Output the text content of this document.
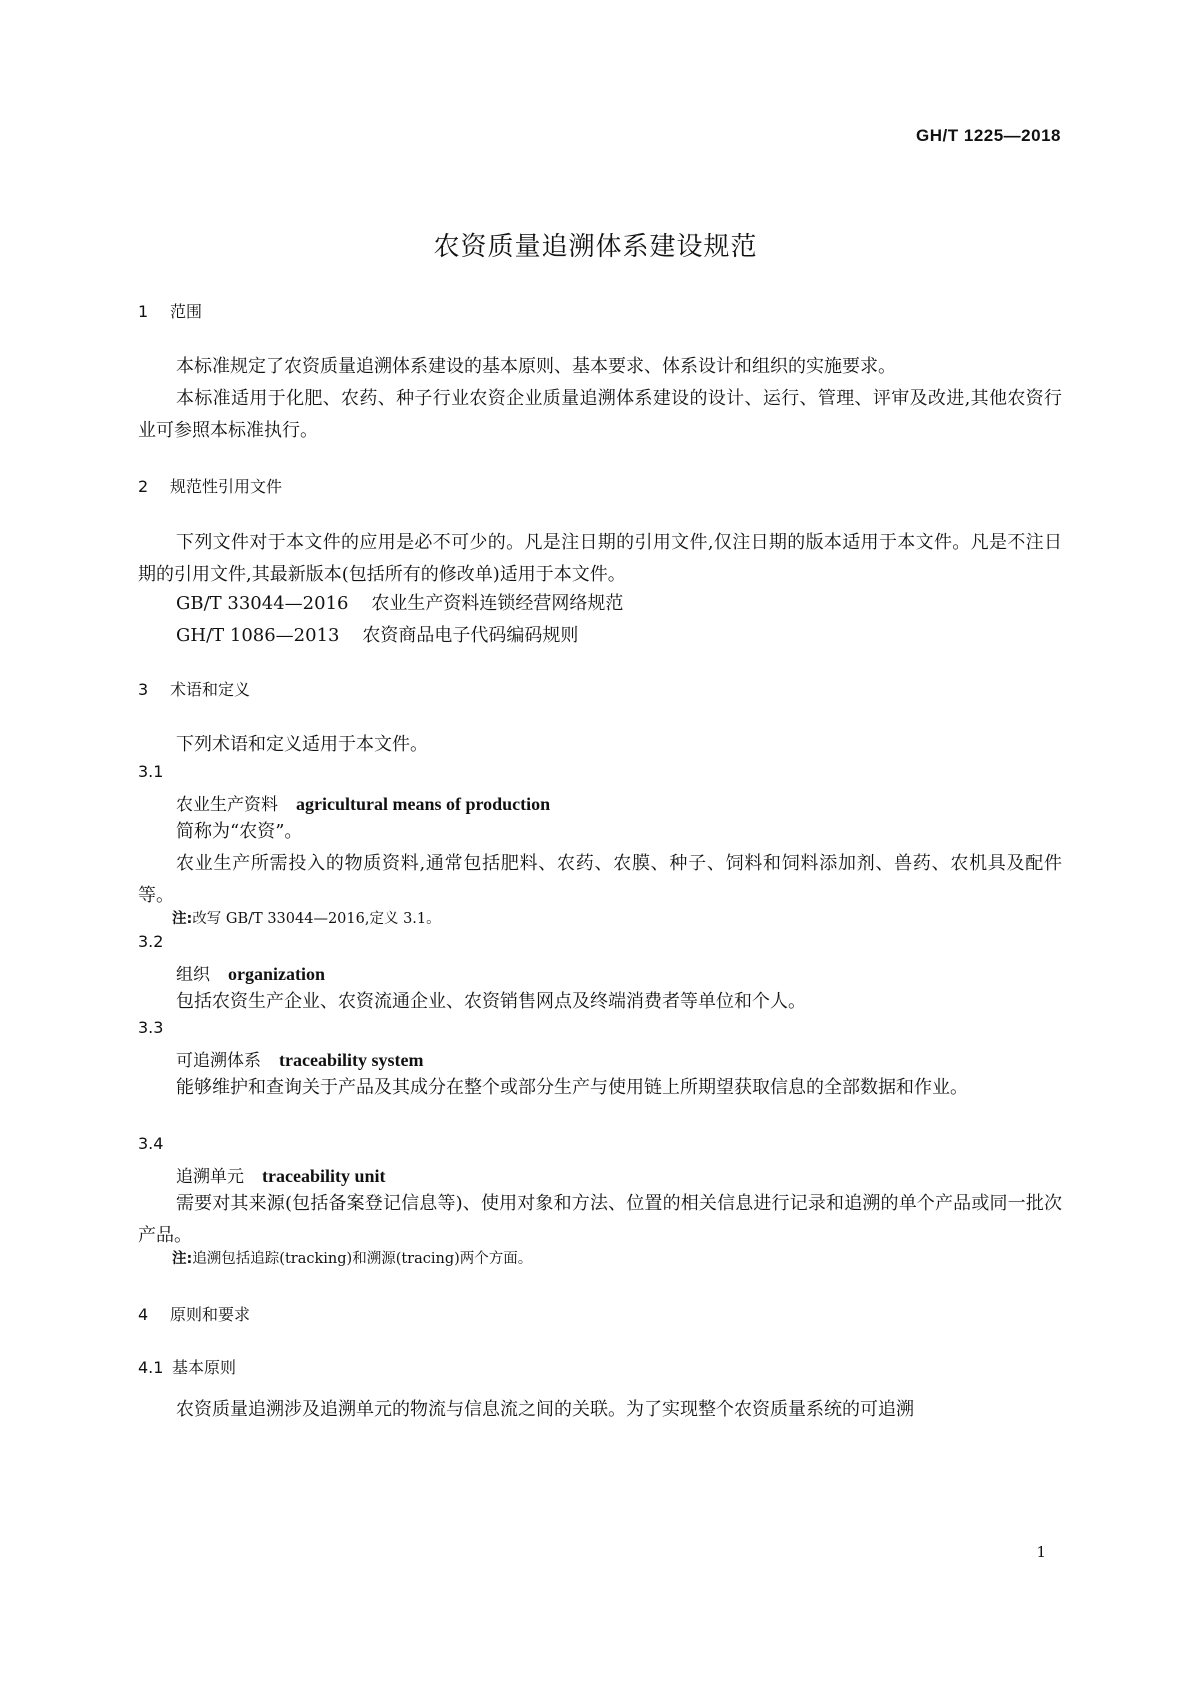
GH/T 1225—2018
农资质量追溯体系建设规范
1 范围
本标准规定了农资质量追溯体系建设的基本原则、基本要求、体系设计和组织的实施要求。
本标准适用于化肥、农药、种子行业农资企业质量追溯体系建设的设计、运行、管理、评审及改进,其他农资行业可参照本标准执行。
2 规范性引用文件
下列文件对于本文件的应用是必不可少的。凡是注日期的引用文件,仅注日期的版本适用于本文件。凡是不注日期的引用文件,其最新版本(包括所有的修改单)适用于本文件。
GB/T 33044—2016 农业生产资料连锁经营网络规范
GH/T 1086—2013 农资商品电子代码编码规则
3 术语和定义
下列术语和定义适用于本文件。
3.1
农业生产资料 agricultural means of production
简称为“农资”。
农业生产所需投入的物质资料,通常包括肥料、农药、农膜、种子、饲料和饲料添加剂、兽药、农机具及配件等。
注:改写 GB/T 33044—2016,定义 3.1。
3.2
组织 organization
包括农资生产企业、农资流通企业、农资销售网点及终端消费者等单位和个人。
3.3
可追溯体系 traceability system
能够维护和查询关于产品及其成分在整个或部分生产与使用链上所期望获取信息的全部数据和作业。
3.4
追溯单元 traceability unit
需要对其来源(包括备案登记信息等)、使用对象和方法、位置的相关信息进行记录和追溯的单个产品或同一批次产品。
注:追溯包括追踪(tracking)和溯源(tracing)两个方面。
4 原则和要求
4.1 基本原则
农资质量追溯涉及追溯单元的物流与信息流之间的关联。为了实现整个农资质量系统的可追溯
1
